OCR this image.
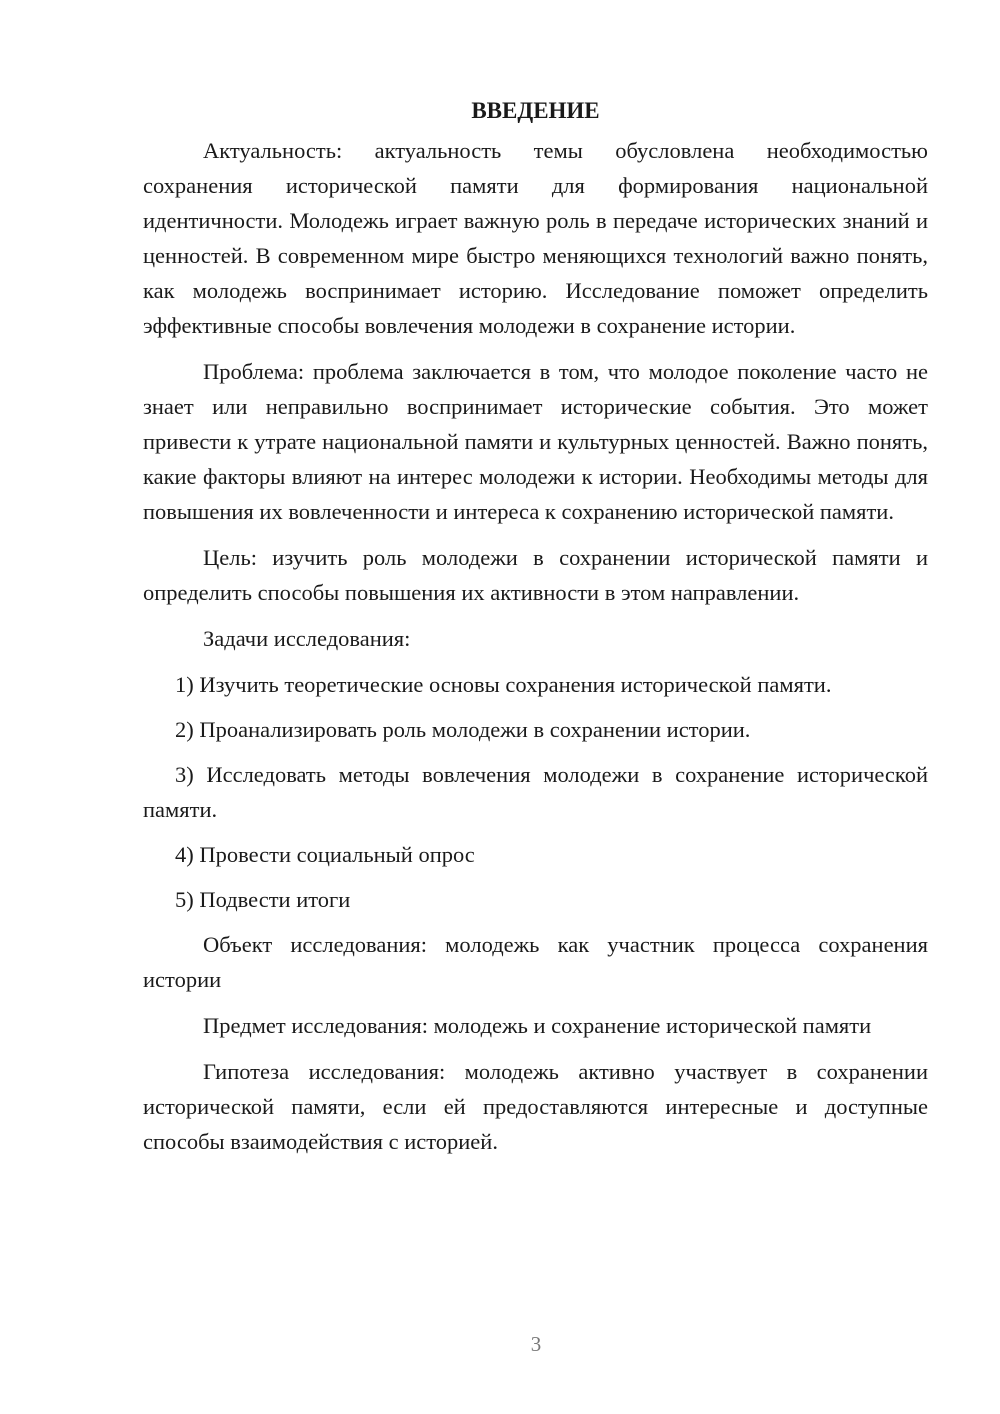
ВВЕДЕНИЕ

Актуальность: актуальность темы обусловлена необходимостью сохранения исторической памяти для формирования национальной идентичности. Молодежь играет важную роль в передаче исторических знаний и ценностей. В современном мире быстро меняющихся технологий важно понять, как молодежь воспринимает историю. Исследование поможет определить эффективные способы вовлечения молодежи в сохранение истории.

Проблема: проблема заключается в том, что молодое поколение часто не знает или неправильно воспринимает исторические события. Это может привести к утрате национальной памяти и культурных ценностей. Важно понять, какие факторы влияют на интерес молодежи к истории. Необходимы методы для повышения их вовлеченности и интереса к сохранению исторической памяти.

Цель: изучить роль молодежи в сохранении исторической памяти и определить способы повышения их активности в этом направлении.

Задачи исследования:

1) Изучить теоретические основы сохранения исторической памяти.

2) Проанализировать роль молодежи в сохранении истории.

3) Исследовать методы вовлечения молодежи в сохранение исторической памяти.

4) Провести социальный опрос

5) Подвести итоги

Объект исследования: молодежь как участник процесса сохранения истории

Предмет исследования: молодежь и сохранение исторической памяти

Гипотеза исследования: молодежь активно участвует в сохранении исторической памяти, если ей предоставляются интересные и доступные способы взаимодействия с историей.

3
